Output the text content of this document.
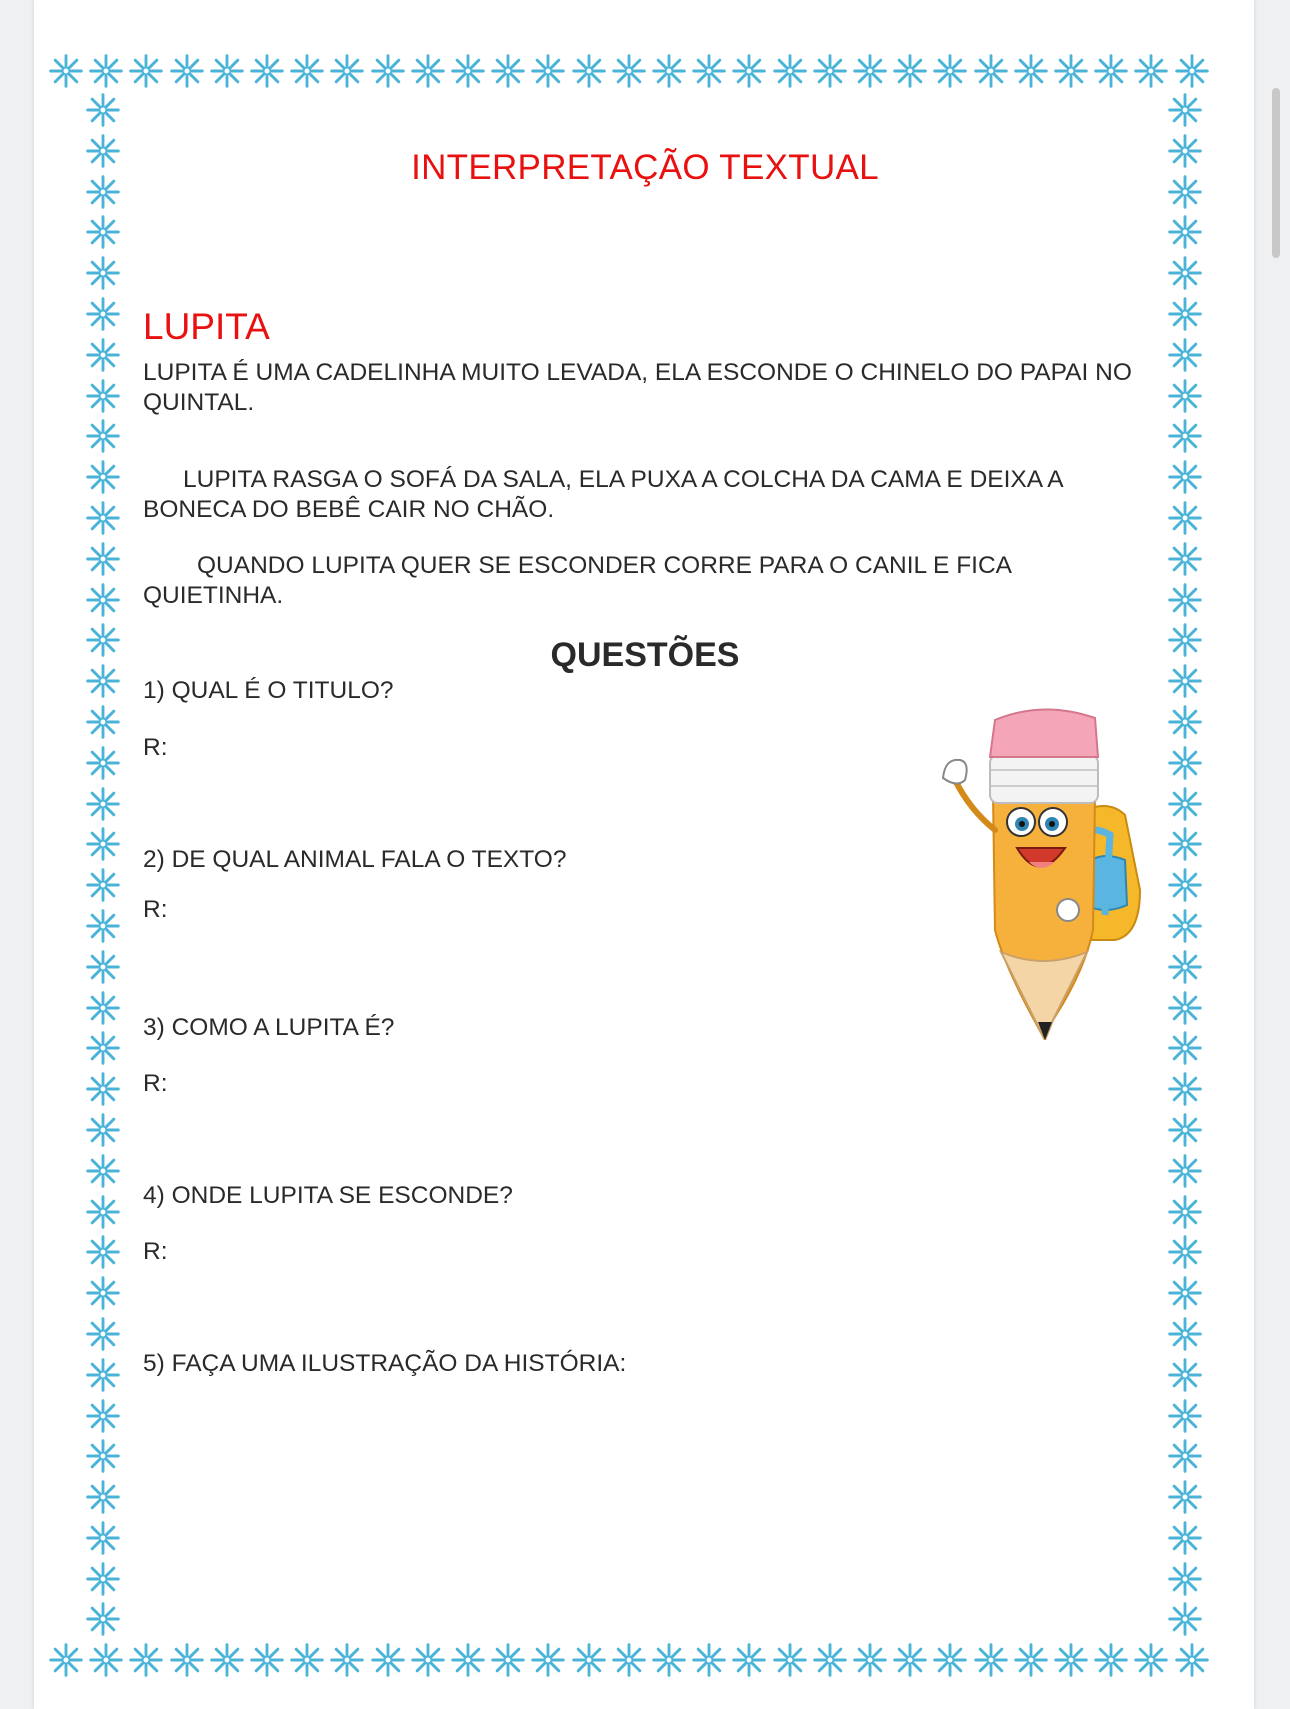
INTERPRETAÇÃO TEXTUAL
LUPITA
LUPITA É UMA CADELINHA MUITO LEVADA, ELA ESCONDE O CHINELO DO PAPAI NO QUINTAL.
LUPITA RASGA O SOFÁ DA SALA, ELA PUXA A COLCHA DA CAMA E DEIXA A BONECA DO BEBÊ CAIR NO CHÃO.
QUANDO LUPITA QUER SE ESCONDER CORRE PARA O CANIL E FICA QUIETINHA.
QUESTÕES
1) QUAL É O TITULO?
R:
2) DE QUAL ANIMAL FALA O TEXTO?
R:
3) COMO A LUPITA É?
R:
4) ONDE LUPITA SE ESCONDE?
R:
5) FAÇA UMA ILUSTRAÇÃO DA HISTÓRIA:
